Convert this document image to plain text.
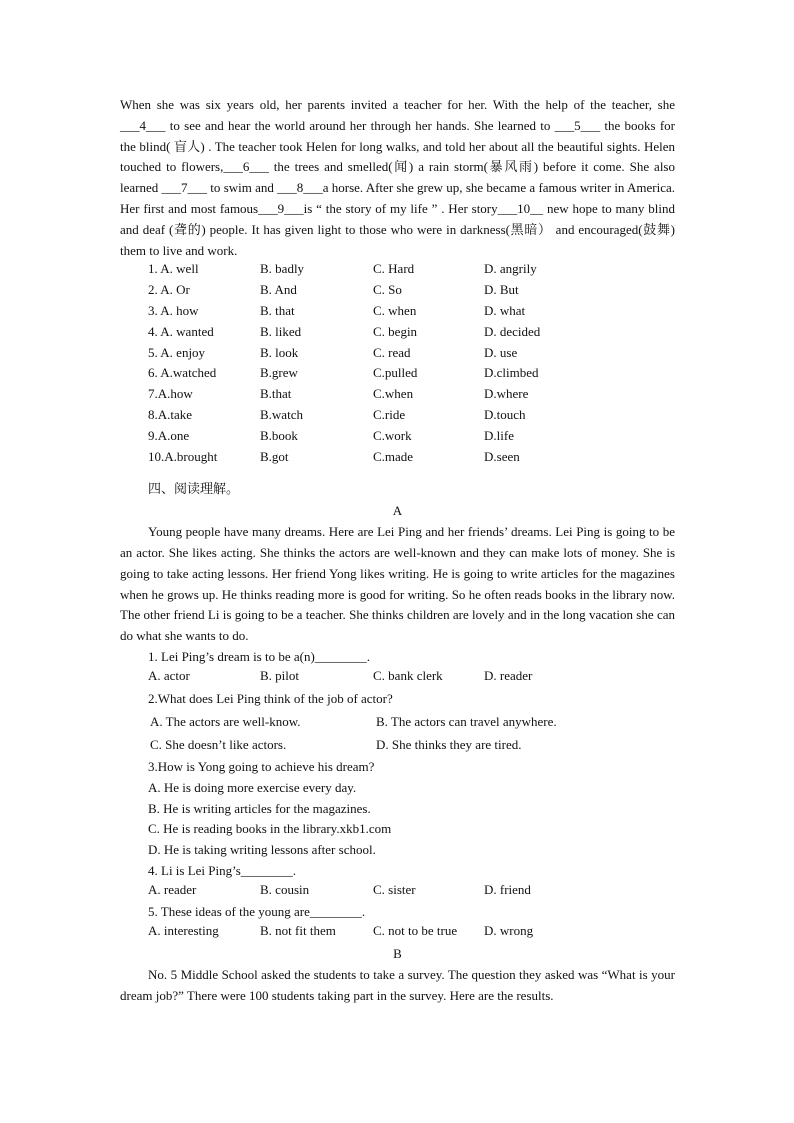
When she was six years old, her parents invited a teacher for her. With the help of the teacher, she ___4___ to see and hear the world around her through her hands. She learned to ___5___ the books for the blind( 盲人) . The teacher took Helen for long walks, and told her about all the beautiful sights. Helen touched to flowers,___6___ the trees and smelled(闻) a rain storm(暴风雨) before it come. She also learned ___7___ to swim and ___8___a horse. After she grew up, she became a famous writer in America. Her first and most famous___9___is “ the story of my life ” . Her story___10__ new hope to many blind and deaf (聋的) people. It has given light to those who were in darkness(黑暗） and encouraged(鼓舞) them to live and work.

1. A. well	B. badly	C. Hard	D. angrily
2. A. Or	B. And	C. So	D. But
3. A. how	B. that	C. when	D. what
4. A. wanted	B. liked	C. begin	D. decided
5. A. enjoy	B. look	C. read	D. use
6. A.watched	B.grew	C.pulled	D.climbed
7.A.how	B.that	C.when	D.where
8.A.take	B.watch	C.ride	D.touch
9.A.one	B.book	C.work	D.life
10.A.brought	B.got	C.made	D.seen
四、阅读理解。

A

Young people have many dreams. Here are Lei Ping and her friends’ dreams. Lei Ping is going to be an actor. She likes acting. She thinks the actors are well-known and they can make lots of money. She is going to take acting lessons. Her friend Yong likes writing. He is going to write articles for the magazines when he grows up. He thinks reading more is good for writing. So he often reads books in the library now. The other friend Li is going to be a teacher. She thinks children are lovely and in the long vacation she can do what she wants to do.

1. Lei Ping’s dream is to be a(n)________.

A. actor	B. pilot	C. bank clerk	D. reader

2.What does Lei Ping think of the job of actor?

A. The actors are well-know.	B. The actors can travel anywhere.
C. She doesn’t like actors.	D. She thinks they are tired.

3.How is Yong going to achieve his dream?

A. He is doing more exercise every day.

B. He is writing articles for the magazines.

C. He is reading books in the library.xkb1.com

D. He is taking writing lessons after school.

4. Li is Lei Ping’s________.

A. reader	B. cousin	C. sister	D. friend

5. These ideas of the young are________.

A. interesting	B. not fit them	C. not to be true	D. wrong

B

No. 5 Middle School asked the students to take a survey. The question they asked was “What is your dream job?” There were 100 students taking part in the survey. Here are the results.
